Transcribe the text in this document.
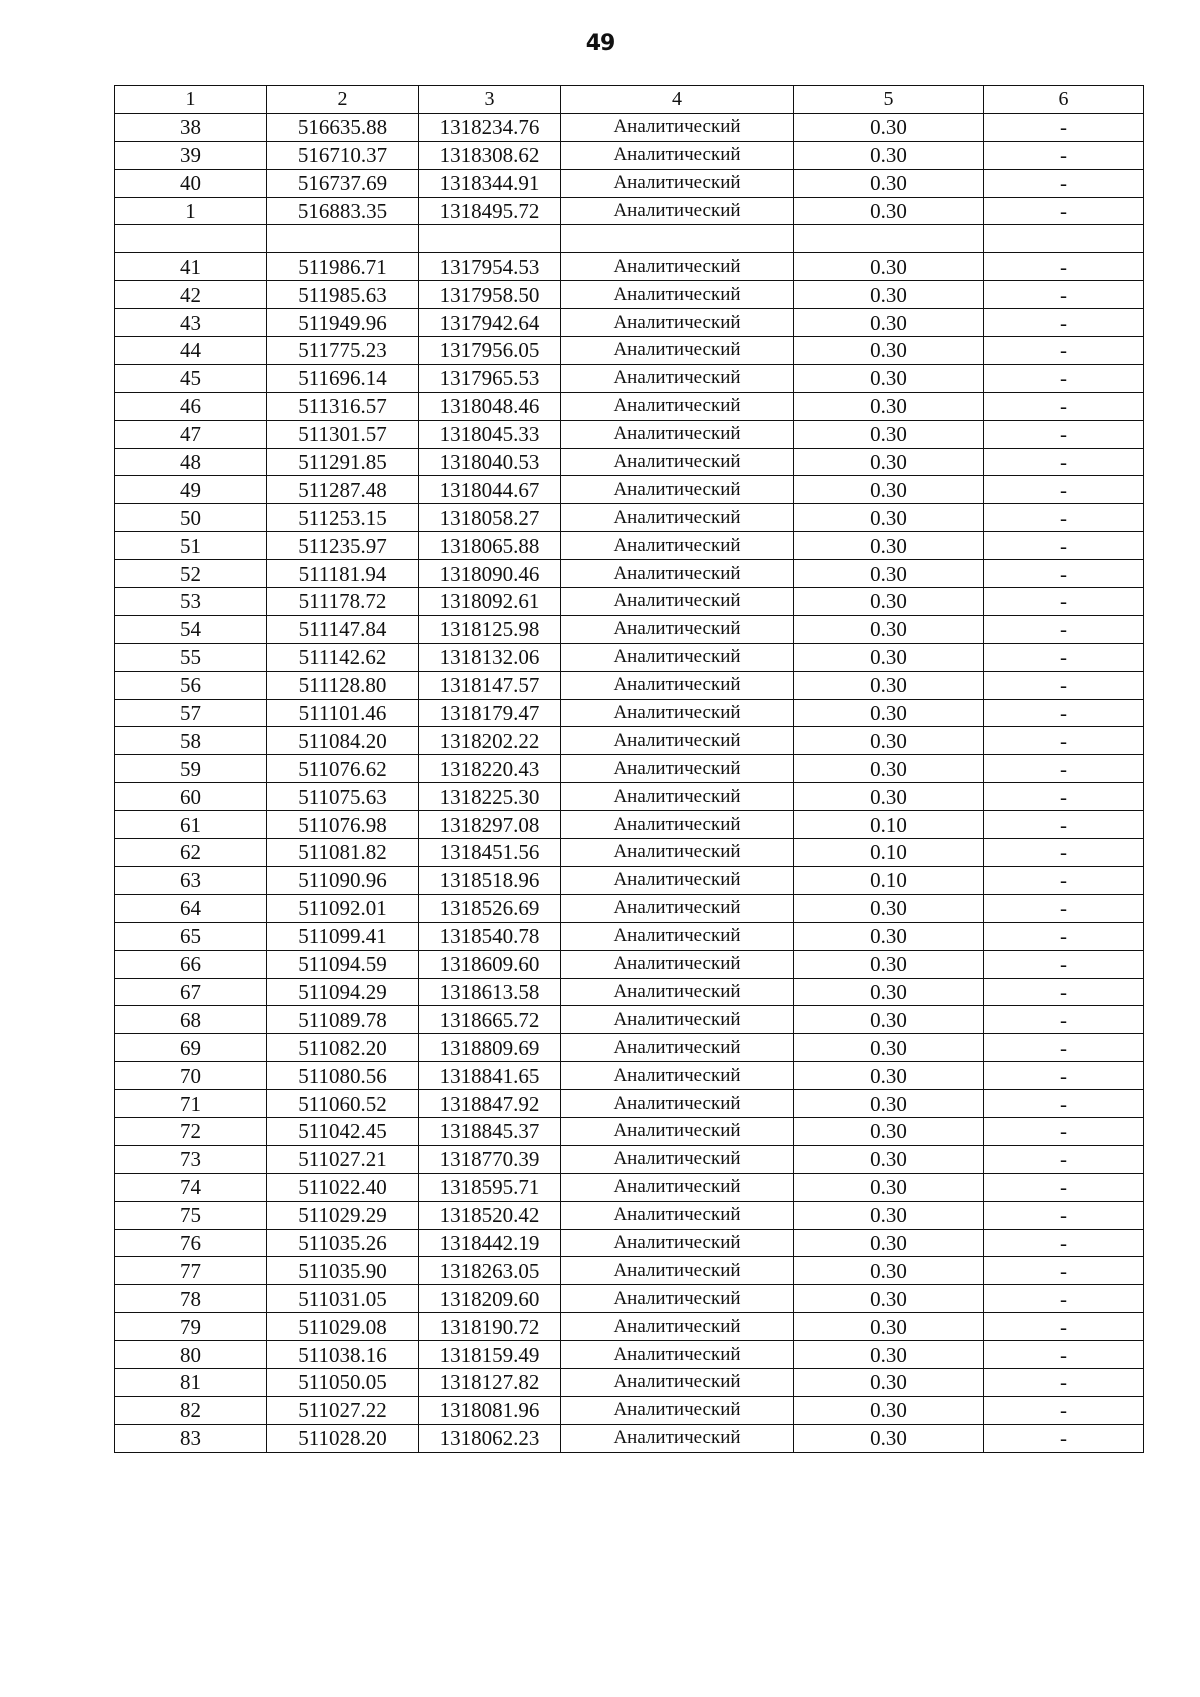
49
1	2	3	4	5	6
38	516635.88	1318234.76	Аналитический	0.30	-
39	516710.37	1318308.62	Аналитический	0.30	-
40	516737.69	1318344.91	Аналитический	0.30	-
1	516883.35	1318495.72	Аналитический	0.30	-

41	511986.71	1317954.53	Аналитический	0.30	-
42	511985.63	1317958.50	Аналитический	0.30	-
43	511949.96	1317942.64	Аналитический	0.30	-
44	511775.23	1317956.05	Аналитический	0.30	-
45	511696.14	1317965.53	Аналитический	0.30	-
46	511316.57	1318048.46	Аналитический	0.30	-
47	511301.57	1318045.33	Аналитический	0.30	-
48	511291.85	1318040.53	Аналитический	0.30	-
49	511287.48	1318044.67	Аналитический	0.30	-
50	511253.15	1318058.27	Аналитический	0.30	-
51	511235.97	1318065.88	Аналитический	0.30	-
52	511181.94	1318090.46	Аналитический	0.30	-
53	511178.72	1318092.61	Аналитический	0.30	-
54	511147.84	1318125.98	Аналитический	0.30	-
55	511142.62	1318132.06	Аналитический	0.30	-
56	511128.80	1318147.57	Аналитический	0.30	-
57	511101.46	1318179.47	Аналитический	0.30	-
58	511084.20	1318202.22	Аналитический	0.30	-
59	511076.62	1318220.43	Аналитический	0.30	-
60	511075.63	1318225.30	Аналитический	0.30	-
61	511076.98	1318297.08	Аналитический	0.10	-
62	511081.82	1318451.56	Аналитический	0.10	-
63	511090.96	1318518.96	Аналитический	0.10	-
64	511092.01	1318526.69	Аналитический	0.30	-
65	511099.41	1318540.78	Аналитический	0.30	-
66	511094.59	1318609.60	Аналитический	0.30	-
67	511094.29	1318613.58	Аналитический	0.30	-
68	511089.78	1318665.72	Аналитический	0.30	-
69	511082.20	1318809.69	Аналитический	0.30	-
70	511080.56	1318841.65	Аналитический	0.30	-
71	511060.52	1318847.92	Аналитический	0.30	-
72	511042.45	1318845.37	Аналитический	0.30	-
73	511027.21	1318770.39	Аналитический	0.30	-
74	511022.40	1318595.71	Аналитический	0.30	-
75	511029.29	1318520.42	Аналитический	0.30	-
76	511035.26	1318442.19	Аналитический	0.30	-
77	511035.90	1318263.05	Аналитический	0.30	-
78	511031.05	1318209.60	Аналитический	0.30	-
79	511029.08	1318190.72	Аналитический	0.30	-
80	511038.16	1318159.49	Аналитический	0.30	-
81	511050.05	1318127.82	Аналитический	0.30	-
82	511027.22	1318081.96	Аналитический	0.30	-
83	511028.20	1318062.23	Аналитический	0.30	-
